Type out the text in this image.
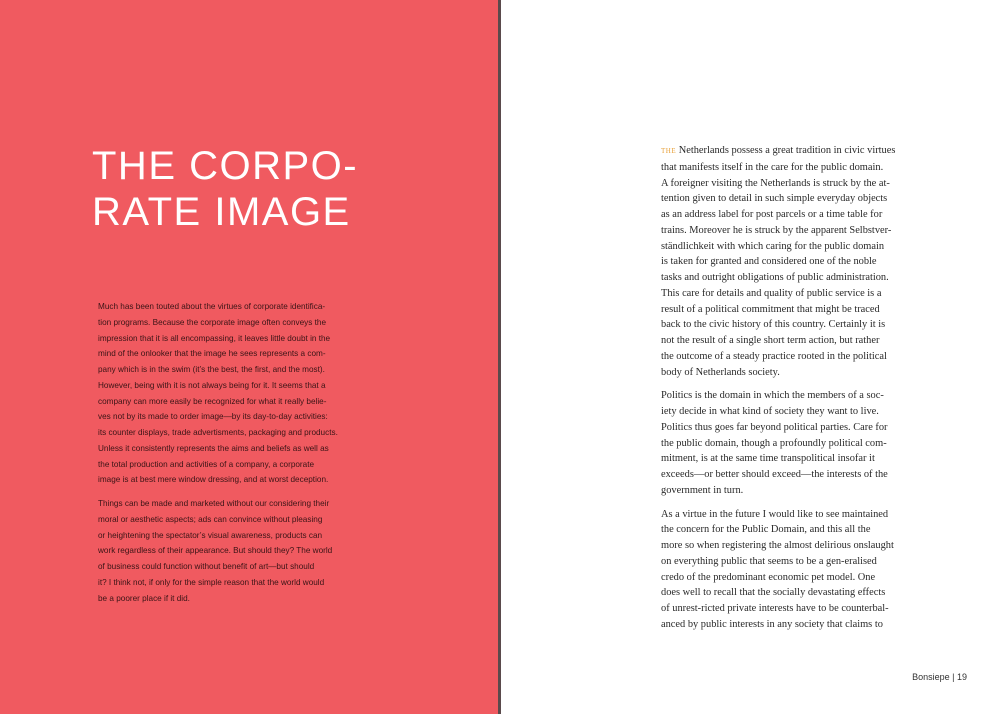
THE CORPO-
RATE IMAGE

Much has been touted about the virtues of corporate identifica-
tion programs. Because the corporate image often conveys the
impression that it is all encompassing, it leaves little doubt in the
mind of the onlooker that the image he sees represents a com-
pany which is in the swim (it’s the best, the first, and the most).
However, being with it is not always being for it. It seems that a
company can more easily be recognized for what it really belie-
ves not by its made to order image—by its day-to-day activities:
its counter displays, trade advertisments, packaging and products.
Unless it consistently represents the aims and beliefs as well as
the total production and activities of a company, a corporate
image is at best mere window dressing, and at worst deception.

Things can be made and marketed without our considering their
moral or aesthetic aspects; ads can convince without pleasing
or heightening the spectator’s visual awareness, products can
work regardless of their appearance. But should they? The world
of business could function without benefit of art—but should
it? I think not, if only for the simple reason that the world would
be a poorer place if it did.

THE Netherlands possess a great tradition in civic virtues
that manifests itself in the care for the public domain.
A foreigner visiting the Netherlands is struck by the at-
tention given to detail in such simple everyday objects
as an address label for post parcels or a time table for
trains. Moreover he is struck by the apparent Selbstver-
ständlichkeit with which caring for the public domain
is taken for granted and considered one of the noble
tasks and outright obligations of public administration.
This care for details and quality of public service is a
result of a political commitment that might be traced
back to the civic history of this country. Certainly it is
not the result of a single short term action, but rather
the outcome of a steady practice rooted in the political
body of Netherlands society.

Politics is the domain in which the members of a soc-
iety decide in what kind of society they want to live.
Politics thus goes far beyond political parties. Care for
the public domain, though a profoundly political com-
mitment, is at the same time transpolitical insofar it
exceeds—or better should exceed—the interests of the
government in turn.

As a virtue in the future I would like to see maintained
the concern for the Public Domain, and this all the
more so when registering the almost delirious onslaught
on everything public that seems to be a gen-eralised
credo of the predominant economic pet model. One
does well to recall that the socially devastating effects
of unrest-ricted private interests have to be counterbal-
anced by public interests in any society that claims to

Bonsiepe | 19
